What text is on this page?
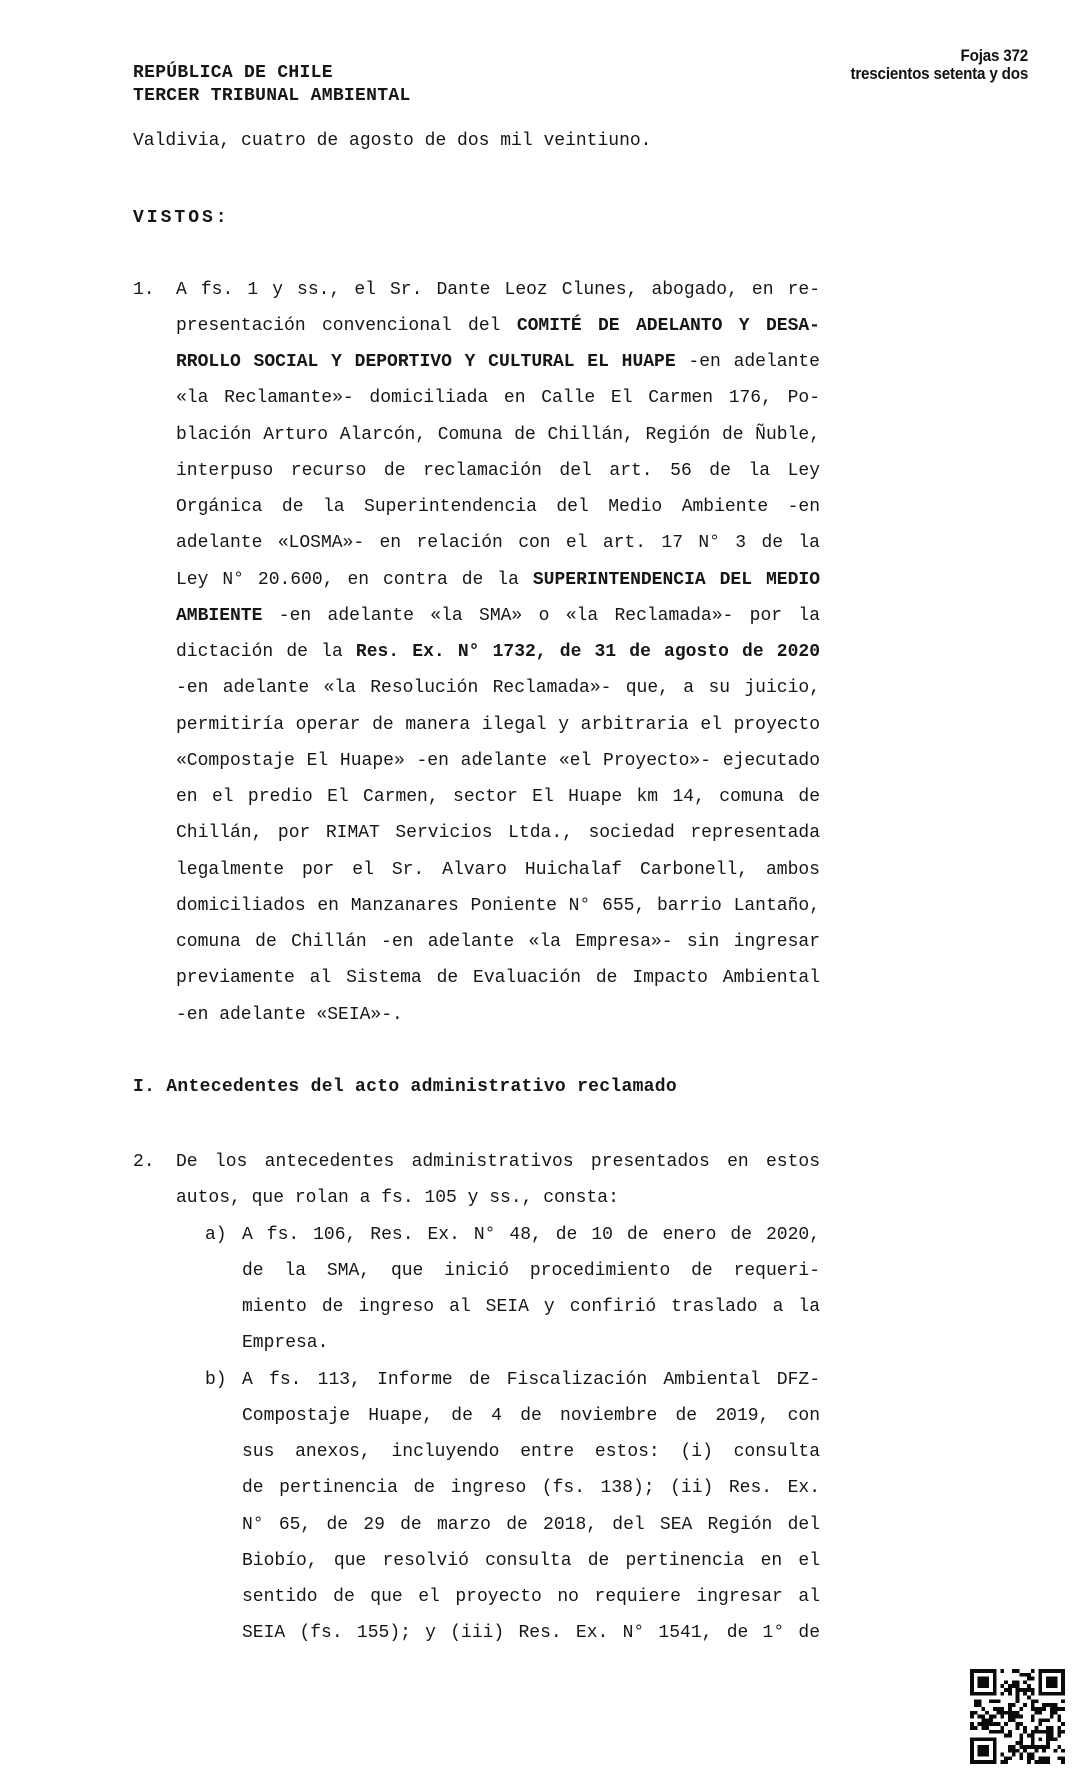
Fojas 372
trescientos setenta y dos
REPÚBLICA DE CHILE
TERCER TRIBUNAL AMBIENTAL
Valdivia, cuatro de agosto de dos mil veintiuno.
VISTOS:
1. A fs. 1 y ss., el Sr. Dante Leoz Clunes, abogado, en re-
presentación convencional del COMITÉ DE ADELANTO Y DESA-
RROLLO SOCIAL Y DEPORTIVO Y CULTURAL EL HUAPE -en adelante
«la Reclamante»- domiciliada en Calle El Carmen 176, Po-
blación Arturo Alarcón, Comuna de Chillán, Región de Ñuble,
interpuso recurso de reclamación del art. 56 de la Ley
Orgánica de la Superintendencia del Medio Ambiente -en
adelante «LOSMA»- en relación con el art. 17 N° 3 de la
Ley N° 20.600, en contra de la SUPERINTENDENCIA DEL MEDIO
AMBIENTE -en adelante «la SMA» o «la Reclamada»- por la
dictación de la Res. Ex. N° 1732, de 31 de agosto de 2020
-en adelante «la Resolución Reclamada»- que, a su juicio,
permitiría operar de manera ilegal y arbitraria el proyecto
«Compostaje El Huape» -en adelante «el Proyecto»- ejecutado
en el predio El Carmen, sector El Huape km 14, comuna de
Chillán, por RIMAT Servicios Ltda., sociedad representada
legalmente por el Sr. Alvaro Huichalaf Carbonell, ambos
domiciliados en Manzanares Poniente N° 655, barrio Lantaño,
comuna de Chillán -en adelante «la Empresa»- sin ingresar
previamente al Sistema de Evaluación de Impacto Ambiental
-en adelante «SEIA»-.
I. Antecedentes del acto administrativo reclamado
2. De los antecedentes administrativos presentados en estos
autos, que rolan a fs. 105 y ss., consta:
a) A fs. 106, Res. Ex. N° 48, de 10 de enero de 2020,
de la SMA, que inició procedimiento de requeri-
miento de ingreso al SEIA y confirió traslado a la
Empresa.
b) A fs. 113, Informe de Fiscalización Ambiental DFZ-
Compostaje Huape, de 4 de noviembre de 2019, con
sus anexos, incluyendo entre estos: (i) consulta
de pertinencia de ingreso (fs. 138); (ii) Res. Ex.
N° 65, de 29 de marzo de 2018, del SEA Región del
Biobío, que resolvió consulta de pertinencia en el
sentido de que el proyecto no requiere ingresar al
SEIA (fs. 155); y (iii) Res. Ex. N° 1541, de 1° de
